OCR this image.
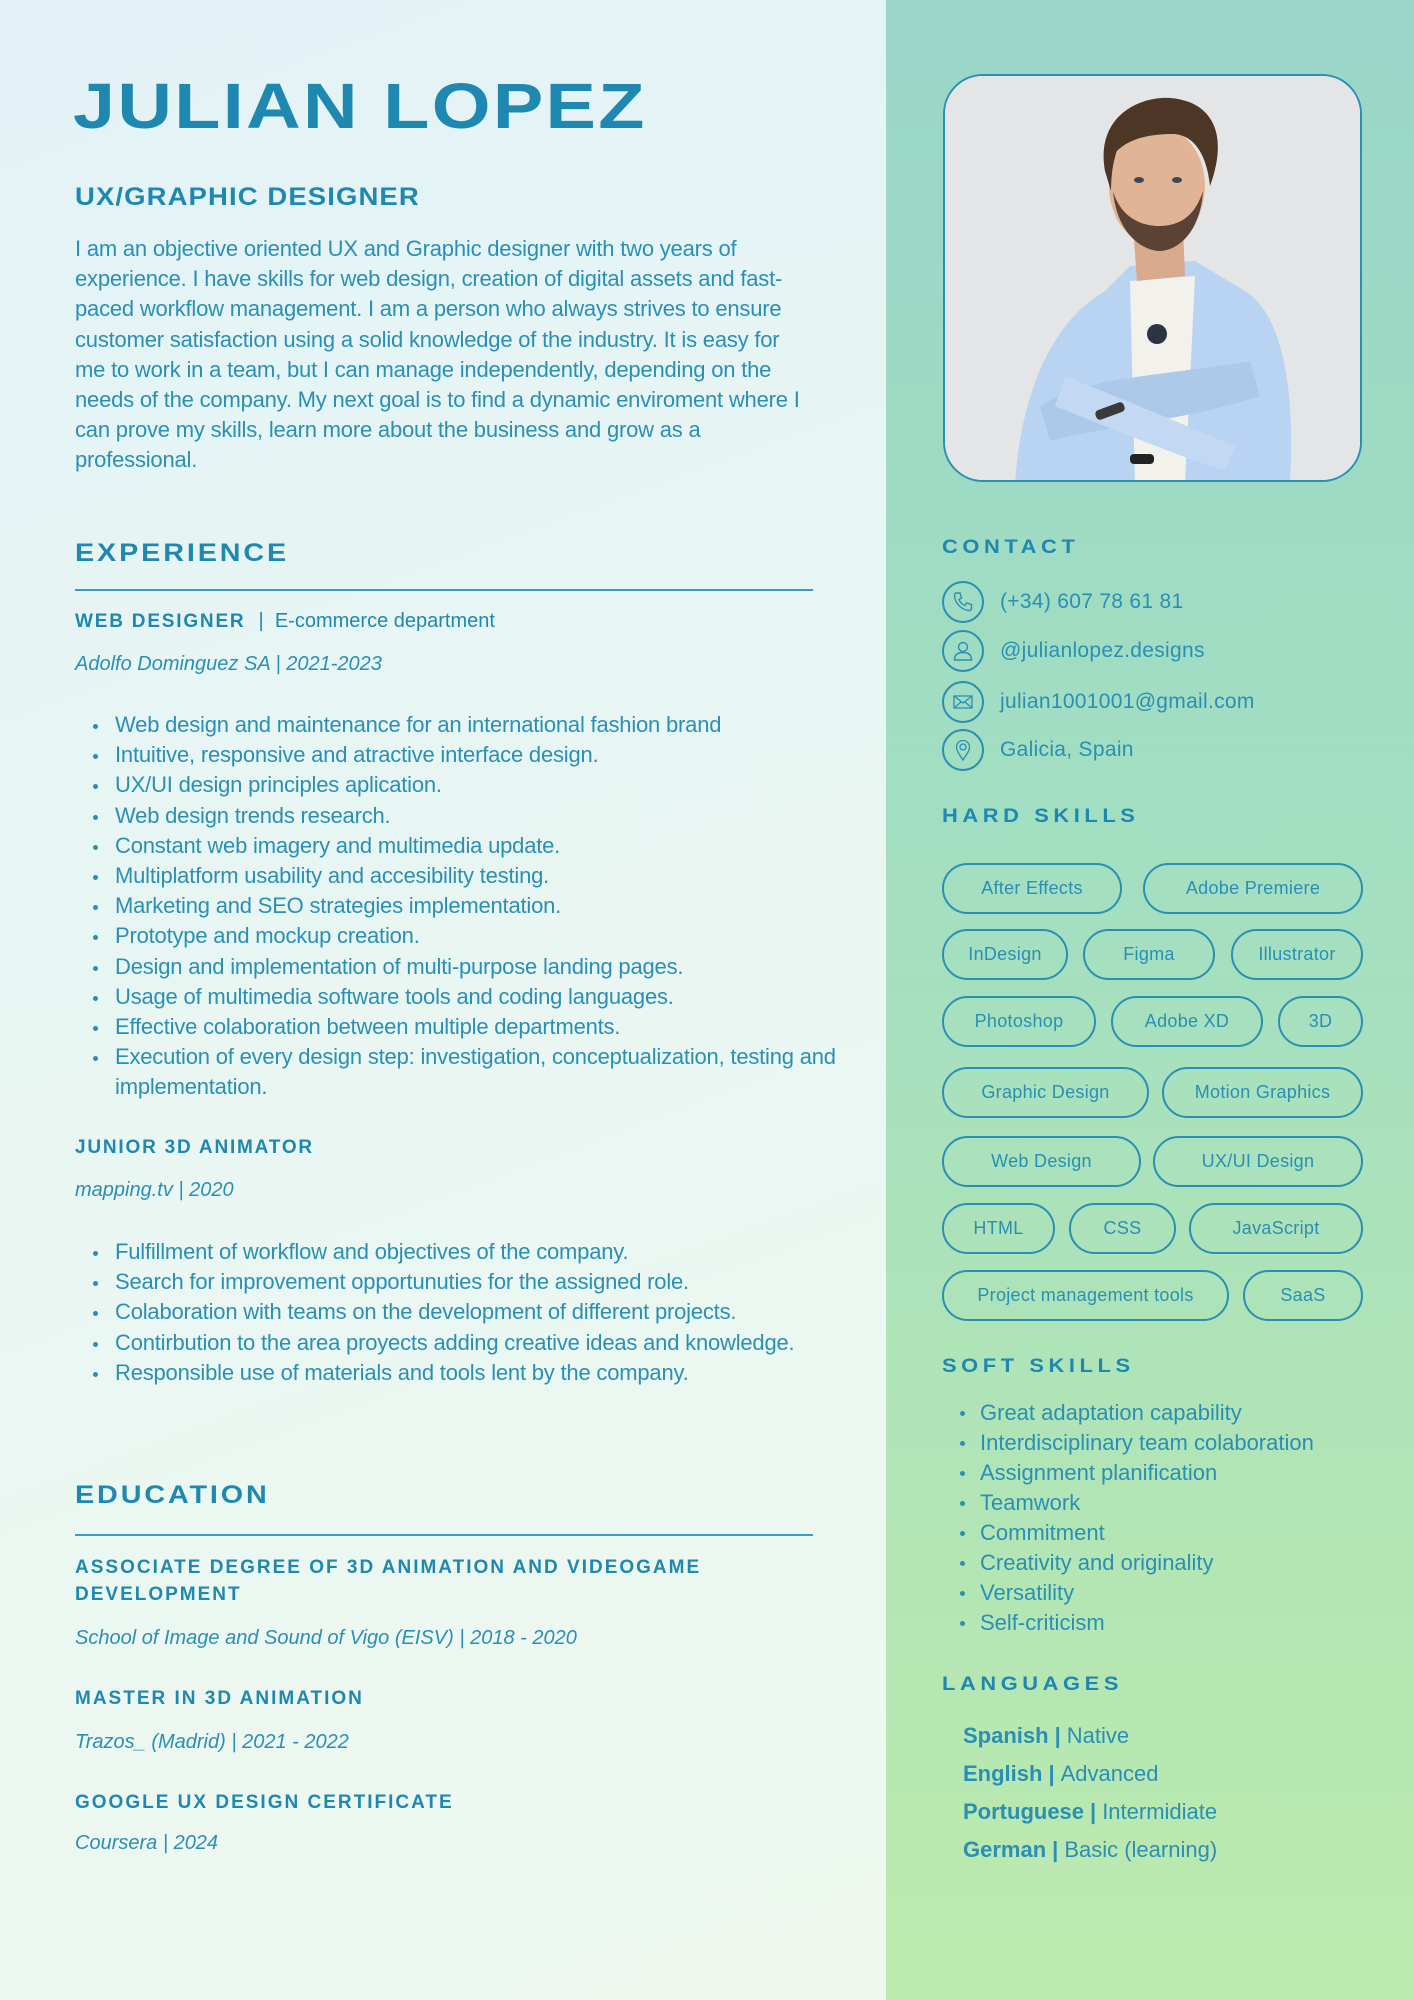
JULIAN LOPEZ
UX/GRAPHIC DESIGNER

I am an objective oriented UX and Graphic designer with two years of experience. I have skills for web design, creation of digital assets and fast-paced workflow management. I am a person who always strives to ensure customer satisfaction using a solid knowledge of the industry. It is easy for me to work in a team, but I can manage independently, depending on the needs of the company. My next goal is to find a dynamic enviroment where I can prove my skills, learn more about the business and grow as a professional.

EXPERIENCE
WEB DESIGNER | E-commerce department
Adolfo Dominguez SA | 2021-2023
Web design and maintenance for an international fashion brand
Intuitive, responsive and atractive interface design.
UX/UI design principles aplication.
Web design trends research.
Constant web imagery and multimedia update.
Multiplatform usability and accesibility testing.
Marketing and SEO strategies implementation.
Prototype and mockup creation.
Design and implementation of multi-purpose landing pages.
Usage of multimedia software tools and coding languages.
Effective colaboration between multiple departments.
Execution of every design step: investigation, conceptualization, testing and implementation.
JUNIOR 3D ANIMATOR
mapping.tv | 2020
Fulfillment of workflow and objectives of the company.
Search for improvement opportunuties for the assigned role.
Colaboration with teams on the development of different projects.
Contirbution to the area proyects adding creative ideas and knowledge.
Responsible use of materials and tools lent by the company.
EDUCATION
ASSOCIATE DEGREE OF 3D ANIMATION AND VIDEOGAME DEVELOPMENT
School of Image and Sound of Vigo (EISV) | 2018 - 2020
MASTER IN 3D ANIMATION
Trazos_ (Madrid) | 2021 - 2022
GOOGLE UX DESIGN CERTIFICATE
Coursera | 2024
CONTACT
(+34) 607 78 61 81
@julianlopez.designs
julian1001001@gmail.com
Galicia, Spain
HARD SKILLS
After Effects	Adobe Premiere
InDesign	Figma	Illustrator
Photoshop	Adobe XD	3D
Graphic Design	Motion Graphics
Web Design	UX/UI Design
HTML	CSS	JavaScript
Project management tools	SaaS
SOFT SKILLS
Great adaptation capability
Interdisciplinary team colaboration
Assignment planification
Teamwork
Commitment
Creativity and originality
Versatility
Self-criticism
LANGUAGES
Spanish | Native
English | Advanced
Portuguese | Intermidiate
German | Basic (learning)
